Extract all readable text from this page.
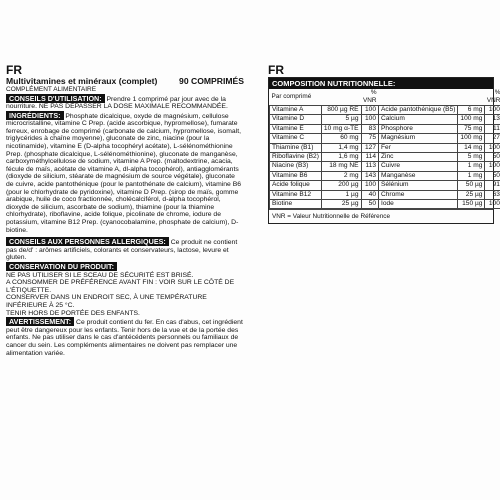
FR
Multivitamines et minéraux (complet)	90 COMPRIMÉS
COMPLÉMENT ALIMENTAIRE

CONSEILS D'UTILISATION: Prendre 1 comprimé par jour avec de la nourriture. NE PAS DÉPASSER LA DOSE MAXIMALE RECOMMANDÉE.

INGRÉDIENTS: Phosphate dicalcique, oxyde de magnésium, cellulose microcristalline, vitamine C Prep. (acide ascorbique, hypromellose), fumarate ferreux, enrobage de comprimé (carbonate de calcium, hypromellose, isomalt, triglycérides à chaîne moyenne), gluconate de zinc, niacine (pour la nicotinamide), vitamine E (D-alpha tocophéryl acétate), L-sélénométhionine Prep. (phosphate dicalcique, L-sélénométhionine), gluconate de manganèse, carboxyméthylcellulose de sodium, vitamine A Prep. (maltodextrine, acacia, fécule de maïs, acétate de vitamine A, dl-alpha tocophérol), antiagglomérants (dioxyde de silicium, stéarate de magnésium de source végétale), gluconate de cuivre, acide pantothénique (pour le pantothénate de calcium), vitamine B6 (pour le chlorhydrate de pyridoxine), vitamine D Prep. (sirop de maïs, gomme arabique, huile de coco fractionnée, cholécalciférol, d-alpha tocophérol, dioxyde de silicium, ascorbate de sodium), thiamine (pour la thiamine chlorhydrate), riboflavine, acide folique, picolinate de chrome, iodure de potassium, vitamine B12 Prep. (cyanocobalamine, phosphate de calcium), D-biotine.

CONSEILS AUX PERSONNES ALLERGIQUES: Ce produit ne contient pas de/d' : arômes artificiels, colorants et conservateurs, lactose, levure et gluten.

CONSERVATION DU PRODUIT:

NE PAS UTILISER SI LE SCEAU DE SÉCURITÉ EST BRISÉ.

A CONSOMMER DE PRÉFÉRENCE AVANT FIN : VOIR SUR LE CÔTÉ DE L'ÉTIQUETTE.

CONSERVER DANS UN ENDROIT SEC, À UNE TEMPÉRATURE INFÉRIEURE À 25 °C.

TENIR HORS DE PORTÉE DES ENFANTS.

AVERTISSEMENT: Ce produit contient du fer. En cas d'abus, cet ingrédient peut être dangereux pour les enfants. Tenir hors de la vue et de la portée des enfants. Ne pas utiliser dans le cas d'antécédents personnels ou familiaux de cancer du sein. Les compléments alimentaires ne doivent pas remplacer une alimentation variée.

FR
COMPOSITION NUTRITIONNELLE:
Par comprimé		% VNR			% VNR
Vitamine A	800 µg RE	100	Acide pantothénique (B5)	6 mg	100
Vitamine D	5 µg	100	Calcium	100 mg	13
Vitamine E	10 mg α-TE	83	Phosphore	75 mg	11
Vitamine C	60 mg	75	Magnésium	100 mg	27
Thiamine (B1)	1,4 mg	127	Fer	14 mg	100
Riboflavine (B2)	1,6 mg	114	Zinc	5 mg	50
Niacine (B3)	18 mg NE	113	Cuivre	1 mg	100
Vitamine B6	2 mg	143	Manganèse	1 mg	50
Acide folique	200 µg	100	Sélénium	50 µg	91
Vitamine B12	1 µg	40	Chrome	25 µg	63
Biotine	25 µg	50	Iode	150 µg	100
VNR = Valeur Nutritionnelle de Référence
